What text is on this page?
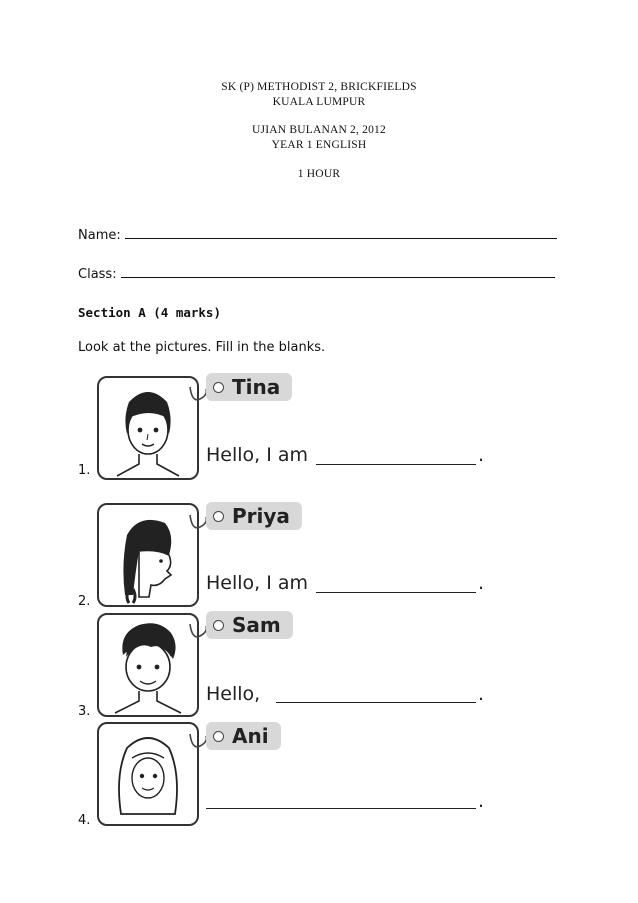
SK (P) METHODIST 2, BRICKFIELDS
KUALA LUMPUR
UJIAN BULANAN 2, 2012
YEAR 1 ENGLISH
1 HOUR
Name:
Class:
Section A (4 marks)
Look at the pictures. Fill in the blanks.
Tina
Hello, I am	.
1.
Priya
Hello, I am	.
2.
Sam
Hello,	.
3.
Ani
.
4.
